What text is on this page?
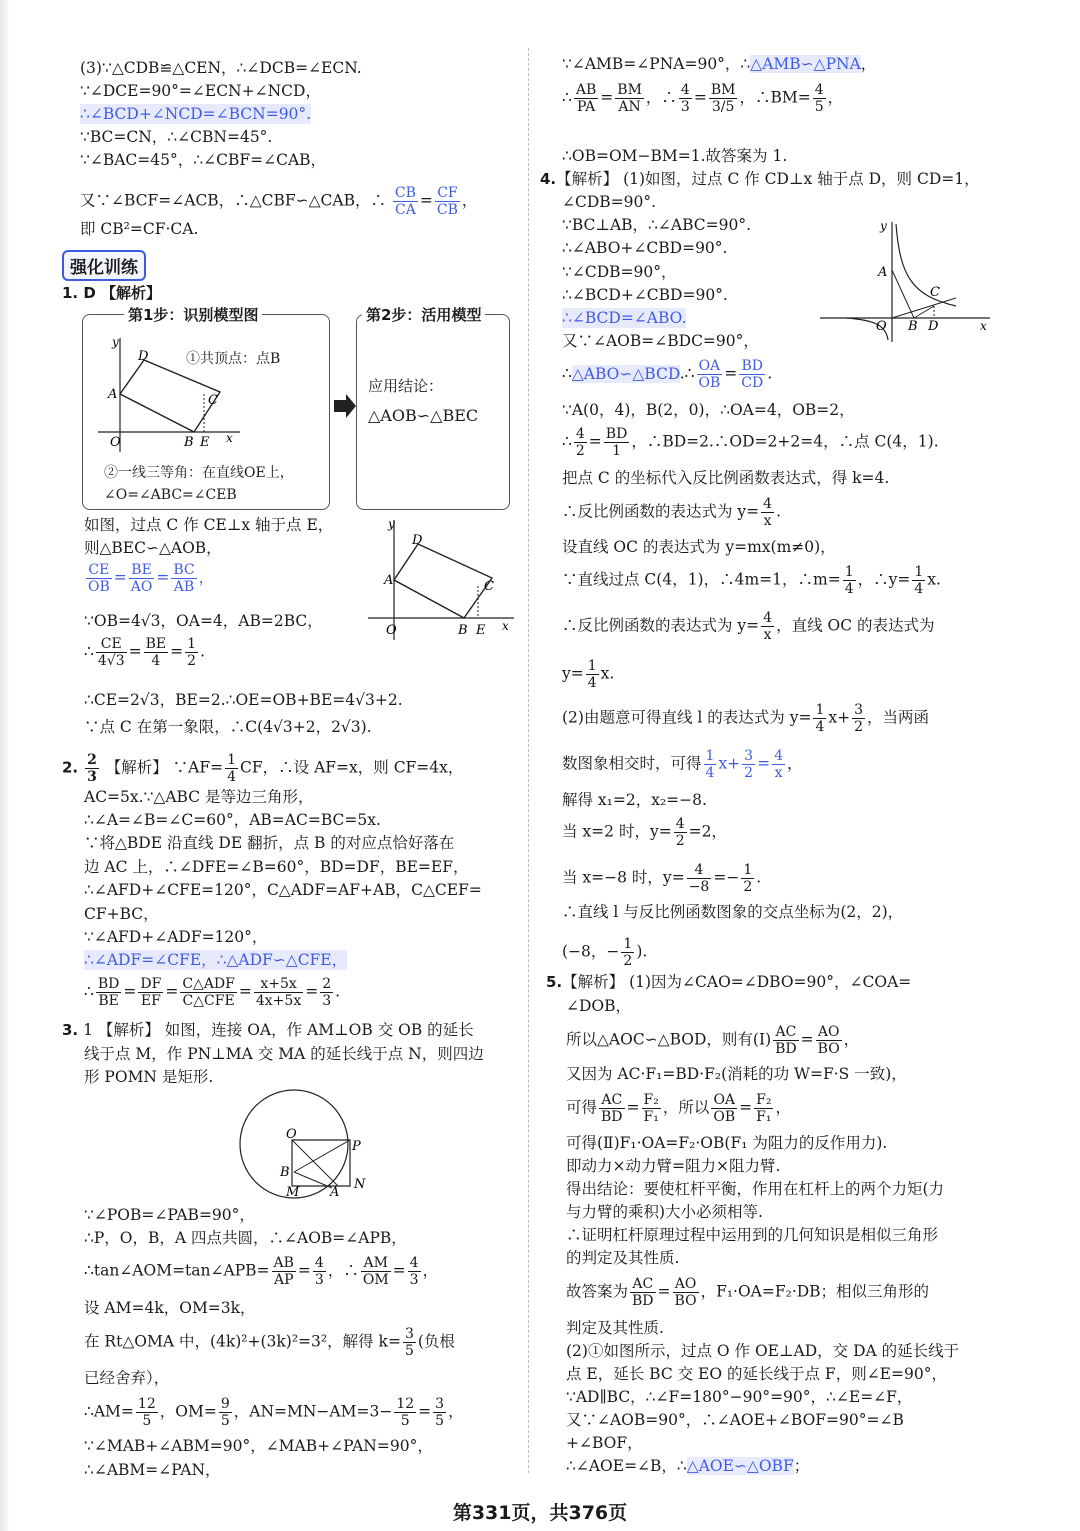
(3)∵△CDB≌△CEN，∴∠DCB=∠ECN.
∵∠DCE=90°=∠ECN+∠NCD，
∴∠BCD+∠NCD=∠BCN=90°.
∵BC=CN，∴∠CBN=45°.
∵∠BAC=45°，∴∠CBF=∠CAB，
又∵∠BCF=∠ACB，∴△CBF∽△CAB，∴ $\frac{CB}{CA} = \frac{CF}{CB}$ ，
即 CB²=CF·CA.
强化训练
1. D 【解析】
第1步：识别模型图
y
D
A	C
O	B E x
①共顶点：点B
②一线三等角：在直线OE上，
∠O=∠ABC=∠CEB
第2步：活用模型
应用结论：
△AOB∽△BEC
如图，过点 C 作 CE⊥x 轴于点 E，
则△BEC∽△AOB，
$\frac{CE}{OB} = \frac{BE}{AO} = \frac{BC}{AB}$ ，
∵OB=4√3，OA=4，AB=2BC，
∴ $\frac{CE}{4√3} = \frac{BE}{4} = \frac{1}{2}$ .
∴CE=2√3，BE=2.∴OE=OB+BE=4√3+2.
∵点 C 在第一象限，∴C(4√3+2，2√3).
y
D
A	C
O	B E x
2. $\frac{2}{3}$ 【解析】 ∵AF= $\frac{1}{4}$ CF，∴设 AF=x，则 CF=4x，
AC=5x.∵△ABC 是等边三角形，
∴∠A=∠B=∠C=60°，AB=AC=BC=5x.
∵将△BDE 沿直线 DE 翻折，点 B 的对应点恰好落在
边 AC 上，∴∠DFE=∠B=60°，BD=DF，BE=EF，
∴∠AFD+∠CFE=120°，C△ADF=AF+AB，C△CEF=
CF+BC，
∵∠AFD+∠ADF=120°，
∴∠ADF=∠CFE，∴△ADF∽△CFE，
∴ $\frac{BD}{BE} = \frac{DF}{EF} = \frac{\text{C△ADF}}{\text{C△CFE}} = \frac{x+5x}{4x+5x} = \frac{2}{3}$ .
3. 1 【解析】 如图，连接 OA，作 AM⊥OB 交 OB 的延长
线于点 M，作 PN⊥MA 交 MA 的延长线于点 N，则四边
形 POMN 是矩形.
O
P
B
N
M A
∵∠POB=∠PAB=90°，
∴P，O，B，A 四点共圆，∴∠AOB=∠APB，
∴tan∠AOM=tan∠APB= $\frac{AB}{AP} = \frac{4}{3}$ ，∴ $\frac{AM}{OM} = \frac{4}{3}$ ，
设 AM=4k，OM=3k，
在 Rt△OMA 中，(4k)²+(3k)²=3²，解得 $k= \frac{3}{5}$ (负根
已经舍弃），
∴AM= $\frac{12}{5}$ ，$OM= \frac{9}{5}$ ，$AN=MN-AM=3- \frac{12}{5} = \frac{3}{5}$ ，
∵∠MAB+∠ABM=90°，∠MAB+∠PAN=90°，
∴∠ABM=∠PAN，
∵∠AMB=∠PNA=90°，∴△AMB∽△PNA，
∴ $\frac{AB}{PA} = \frac{BM}{AN}$ ，∴ $\frac{4}{3} = \frac{BM}{3/5}$ ，∴BM= $\frac{4}{5}$ ，
∴OB=OM−BM=1.故答案为 1.
4.【解析】 (1)如图，过点 C 作 CD⊥x 轴于点 D，则 CD=1，
∠CDB=90°.
∵BC⊥AB，∴∠ABC=90°.
∴∠ABO+∠CBD=90°.
∵∠CDB=90°，
∴∠BCD+∠CBD=90°.
∴∠BCD=∠ABO.
又∵∠AOB=∠BDC=90°，
∴△ABO∽△BCD.∴ $\frac{OA}{OB} = \frac{BD}{CD}$ .
∵A(0，4)，B(2，0)，∴OA=4，OB=2，
∴ $\frac{4}{2} = \frac{BD}{1}$ ，∴BD=2.∴OD=2+2=4，∴点 C(4，1).
把点 C 的坐标代入反比例函数表达式，得 k=4.
∴反比例函数的表达式为 $y= \frac{4}{x}$ .
设直线 OC 的表达式为 y=mx(m≠0)，
∵直线过点 C(4，1)，∴4m=1，∴m= $\frac{1}{4}$ ，∴y= $\frac{1}{4} x$.
∴反比例函数的表达式为 $y= \frac{4}{x}$ ，直线 OC 的表达式为
$y= \frac{1}{4} x$.
(2)由题意可得直线 l 的表达式为 $y= \frac{1}{4} x+ \frac{3}{2}$ ，当两函
数图象相交时，可得 $\frac{1}{4} x+ \frac{3}{2} = \frac{4}{x}$ ，
解得 x₁=2，x₂=−8.
当 x=2 时，$y= \frac{4}{2} =2$，
当 x=−8 时，$y= \frac{4}{-8} =- \frac{1}{2}$ .
∴直线 l 与反比例函数图象的交点坐标为(2，2)，
(−8，− $\frac{1}{2}$ ).
y
A
C
O B D	x
5.【解析】 (1)因为∠CAO=∠DBO=90°，∠COA=
∠DOB，
所以△AOC∽△BOD，则有(Ⅰ) $\frac{AC}{BD} = \frac{AO}{BO}$ ，
又因为 AC·F₁=BD·F₂(消耗的功 W=F·S 一致)，
可得 $\frac{AC}{BD} = \frac{\text{F₂}}{\text{F₁}}$ ，所以 $\frac{OA}{OB} = \frac{\text{F₂}}{\text{F₁}}$ ，
可得(Ⅱ)F₁·OA=F₂·OB(F₁ 为阻力的反作用力).
即动力×动力臂=阻力×阻力臂.
得出结论：要使杠杆平衡，作用在杠杆上的两个力矩(力
与力臂的乘积)大小必须相等.
∴证明杠杆原理过程中运用到的几何知识是相似三角形
的判定及其性质.
故答案为 $\frac{AC}{BD} = \frac{AO}{BO}$ ，F₁·OA=F₂·DB；相似三角形的
判定及其性质.
(2)①如图所示，过点 O 作 OE⊥AD，交 DA 的延长线于
点 E，延长 BC 交 EO 的延长线于点 F，则∠E=90°，
∵AD∥BC，∴∠F=180°−90°=90°，∴∠E=∠F，
又∵∠AOB=90°，∴∠AOE+∠BOF=90°=∠B
+∠BOF，
∴∠AOE=∠B，∴△AOE∽△OBF；
第331页，共376页
